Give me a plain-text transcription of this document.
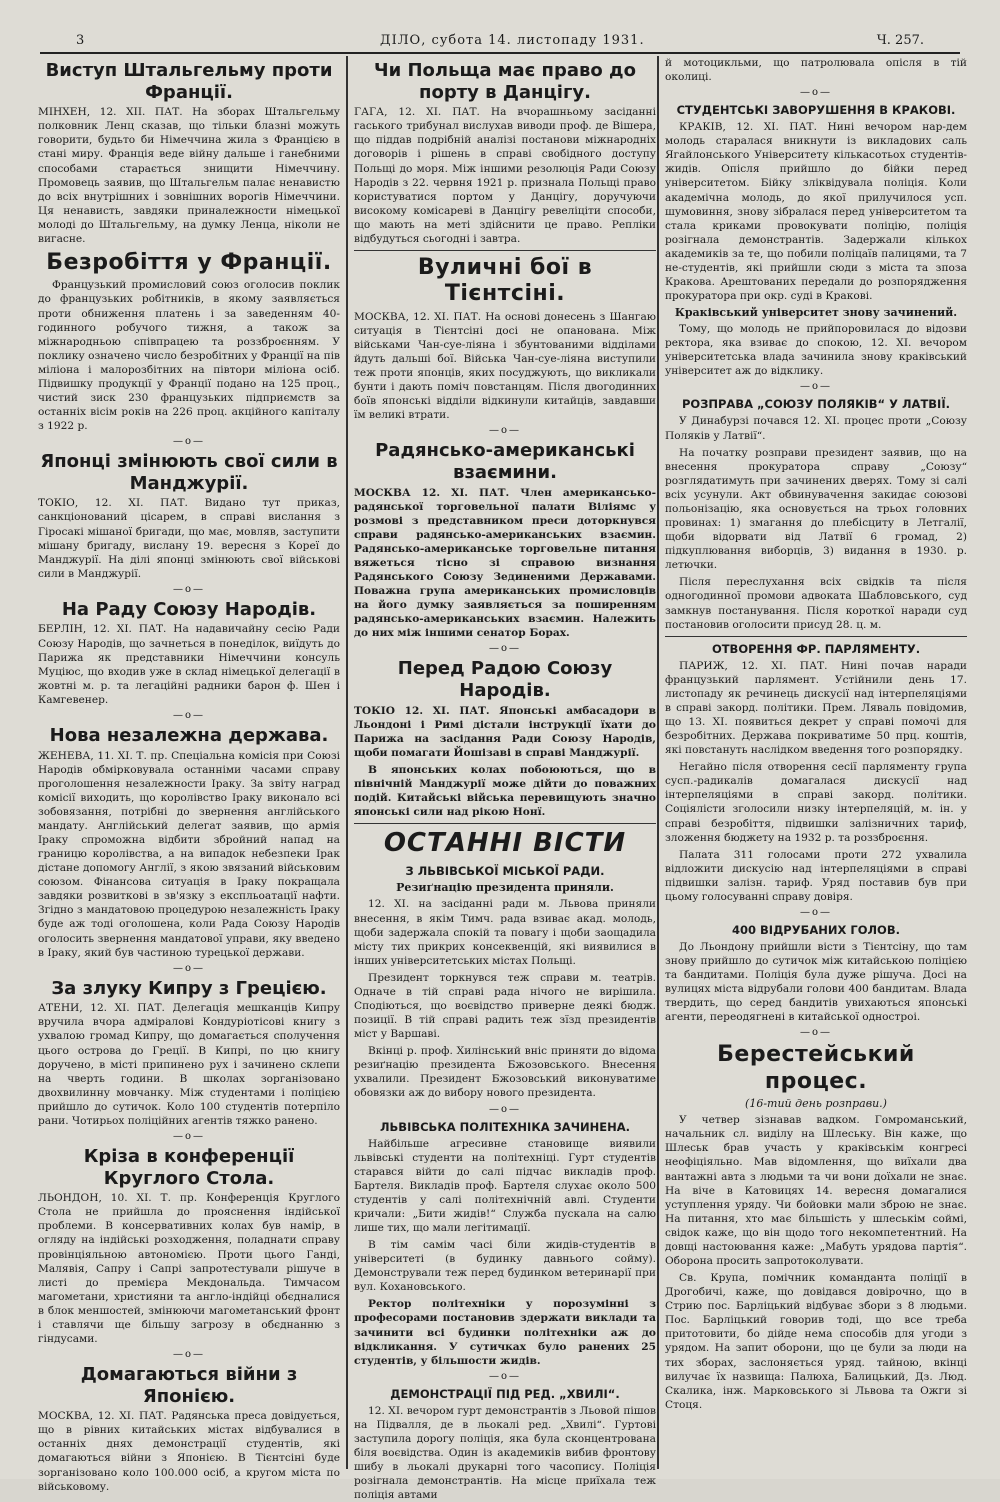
3	ДІЛО, субота 14. листопаду 1931.	Ч. 257.
Виступ Штальгельму проти Франції.

МІНХЕН, 12. XII. ПАТ. На зборах Штальгельму полковник Ленц сказав, що тільки блазні можуть говорити, будьто би Німеччина жила з Францією в стані миру. Франція веде війну дальше і ганебними способами старається знищити Німеччину. Промовець заявив, що Штальгельм палає ненавистю до всіх внутрішних і зовнішних ворогів Німеччини. Ця ненависть, завдяки приналежности німецької молоді до Штальгельму, на думку Ленца, ніколи не вигасне.

Безробіття у Франції.

Французький промисловий союз оголосив поклик до французьких робітників, в якому заявляється проти обниження платень і за заведенням 40-годинного робучого тижня, а також за міжнародньою співпрацею та роззброєнням. У поклику означено число безробітних у Франції на пів міліона і малорозбітних на півтори міліона осіб. Підвишку продукції у Франції подано на 125 проц., чистий зиск 230 французьких підприємств за останніх вісім років на 226 проц. акційного капіталу з 1922 р.

—o—
Японці змінюють свої сили в Манджурії.

ТОКІО, 12. XI. ПАТ. Видано тут приказ, санкціонований цісарем, в справі вислання з Гіросакі мішаної бригади, що має, мовляв, заступити мішану бригаду, вислану 19. вересня з Кореї до Манджурії. На ділі японці змінюють свої військові сили в Манджурії.

—o—
На Раду Союзу Народів.

БЕРЛІН, 12. XI. ПАТ. На надавичайну сесію Ради Союзу Народів, що зачнеться в понеділок, виїдуть до Парижа як представники Німеччини консуль Муціюс, що входив уже в склад німецької делегації в жовтні м. р. та легаційні радники барон ф. Шен і Камгевенер.

—o—
Нова незалежна держава.

ЖЕНЕВА, 11. XI. Т. пр. Спеціальна комісія при Союзі Народів обмірковувала останніми часами справу проголошення незалежности Іраку. За звіту наград комісії виходить, що королівство Іраку виконало всі зобовязання, потрібні до звернення англійського мандату. Англійський делегат заявив, що армія Іраку спроможна відбити збройний напад на границю королівства, а на випадок небезпеки Ірак дістане допомогу Англії, з якою звязаний військовим союзом. Фінансова ситуація в Іраку покращала завдяки розвиткові в зв'язку з експльоатації нафти. Згідно з мандатовою процедурою незалежність Іраку буде аж тоді оголошена, коли Рада Союзу Народів оголосить звернення мандатової управи, яку введено в Іраку, який був частиною турецької держави.

—o—
За злуку Кипру з Грецією.

АТЕНИ, 12. XI. ПАТ. Делегація мешканців Кипру вручила вчора адміралові Кондуріотісові книгу з ухвалою громад Кипру, що домагається сполучення цього острова до Греції. В Кипрі, по цю книгу доручено, в місті припинено рух і зачинено склепи на чверть години. В школах зорганізовано двохвилинну мовчанку. Між студентами і поліцією прийшло до сутичок. Коло 100 студентів потерпіло рани. Чотирьох поліційних агентів тяжко ранено.

—o—
Кріза в конференції Круглого Стола.

ЛЬОНДОН, 10. XI. Т. пр. Конференція Круглого Стола не прийшла до прояснення індійської проблеми. В консервативних колах був намір, в огляду на індійські розходження, поладнати справу провінціяльною автономією. Проти цього Ганді, Малявія, Сапру і Сапрі запротестували рішуче в листі до премієра Мекдональда. Тимчасом магометани, християни та англо-індійці обєдналися в блок меншостей, змінюючи магометанський фронт і ставлячи ще більшу загрозу в обєднанню з гіндусами.

—o—
Домагаються війни з Японією.

МОСКВА, 12. XI. ПАТ. Радянська преса довідується, що в рівних китайських містах відбувалися в останніх днях демонстрації студентів, які домагаються війни з Японією. В Тієнтсіні буде зорганізовано коло 100.000 осіб, а кругом міста по військовому.

Чи Польща має право до порту в Данцігу.

ГАГА, 12. XI. ПАТ. На вчорашньому засіданні гаського трибунал вислухав виводи проф. де Вішера, що піддав подрібній аналізі постанови міжнародніх договорів і рішень в справі свобідного доступу Польщі до моря. Між іншими резолюція Ради Союзу Народів з 22. червня 1921 р. признала Польщі право користуватися портом у Данцігу, доручуючи високому комісареві в Данцігу ревеліціти способи, що мають на меті здійснити це право. Репліки відбудуться сьогодні і завтра.

Вуличні бої в Тієнтсіні.

МОСКВА, 12. XI. ПАТ. На основі донесень з Шангаю ситуація в Тієнтсіні досі не опанована. Між військами Чан-суе-ліяна і збунтованими відділами йдуть дальші бої. Війська Чан-суе-ліяна виступили теж проти японців, яких посуджують, що викликали бунти і дають поміч повстанцям. Після двогодинних боїв японські відділи відкинули китайців, завдавши їм великі втрати.

—o—
Радянсько-американські взаємини.

МОСКВА 12. XI. ПАТ. Член американсько-радянської торговельної палати Віліямс у розмові з представником преси доторкнувся справи радянсько-американських взаємин. Радянсько-американське торговельне питання вяжеться тісно зі справою визнання Радянського Союзу Зединеними Державами. Поважна група американських промисловців на його думку заявляється за поширенням радянсько-американських взаємин. Належить до них між іншими сенатор Борах.

—o—
Перед Радою Союзу Народів.

ТОКІО 12. XI. ПАТ. Японські амбасадори в Льондоні і Римі дістали інструкції їхати до Парижа на засідання Ради Союзу Народів, щоби помагати Йошізаві в справі Манджурії.

В японських колах побоюються, що в північній Манджурії може дійти до поважних подій. Китайські війська перевищують значно японські сили над рікою Нонї.

ОСТАННІ ВІСТИ
З ЛЬВІВСЬКОЇ МІСЬКОЇ РАДИ.
Резиґнацію президента приняли.

12. XI. на засіданні ради м. Львова приняли внесення, в якім Тимч. рада взиває акад. молодь, щоби задержала спокій та повагу і щоби заощадила місту тих прикрих консеквенцій, які виявилися в інших університетських містах Польщі.

Президент торкнувся теж справи м. театрів. Одначе в тій справі рада нічого не вирішила. Сподіються, що воєвідство приверне деякі бюдж. позиції. В тій справі радить теж зїзд президентів міст у Варшаві.

Вкінці р. проф. Хилінський вніс приняти до відома резиґнацію президента Бжозовського. Внесення ухвалили. Президент Бжозовський виконуватиме обовязки аж до вибору нового президента.

—o—
ЛЬВІВСЬКА ПОЛІТЕХНІКА ЗАЧИНЕНА.

Найбільше агресивне становище виявили львівські студенти на політехніці. Гурт студентів старався війти до салі підчас викладів проф. Бартеля. Викладів проф. Бартеля слухає около 500 студентів у салі політехнічній авлі. Студенти кричали: „Бити жидів!“ Служба пускала на салю лише тих, що мали легітимації.

В тім самім часі біли жидів-студентів в університеті (в будинку давнього сойму). Демонстрували теж перед будинком ветеринарії при вул. Кохановського.

Ректор політехніки у порозумінні з професорами постановив здержати виклади та зачинити всі будинки політехніки аж до відкликання. У сутичках було ранених 25 студентів, у більшости жидів.

—o—
ДЕМОНСТРАЦІЇ ПІД РЕД. „ХВИЛІ“.

12. XI. вечором гурт демонстрантів з Льовой пішов на Підвалля, де в льокалі ред. „Хвилі“. Гуртові заступила дорогу поліція, яка була сконцентрована біля воєвідства. Один із академиків вибив фронтову шибу в льокалі друкарні того часопису. Поліція розігнала демонстрантів. На місце приїхала теж поліція автами

й мотоцикльми, що патролювала опісля в тій околиці.

—o—
СТУДЕНТСЬКІ ЗАВОРУШЕННЯ В КРАКОВІ.

КРАКІВ, 12. XI. ПАТ. Нині вечором нар-дем молодь старалася вникнути із викладових саль Ягайлонського Університету кількасотьох студентів-жидів. Опісля прийшло до бійки перед університетом. Бійку зліквідувала поліція. Коли академічна молодь, до якої прилучилося усп. шумовиння, знову зібралася перед університетом та стала криками провокувати поліцію, поліція розігнала демонстрантів. Задержали кількох академиків за те, що побили поліцаїв палицями, та 7 не-студентів, які прийшли сюди з міста та зпоза Кракова. Арештованих передали до розпорядження прокуратора при окр. суді в Кракові.

Краківський університет знову зачинений.

Тому, що молодь не прийпоровилася до відозви ректора, яка взиває до спокою, 12. XI. вечором університетська влада зачинила знову краківський університет аж до відклику.

—o—
РОЗПРАВА „СОЮЗУ ПОЛЯКІВ“ У ЛАТВІЇ.

У Динабурзі почався 12. XI. процес проти „Союзу Поляків у Латвії“.

На початку розправи президент заявив, що на внесення прокуратора справу „Союзу“ розглядатимуть при зачинених дверях. Тому зі салі всіх усунули. Акт обвинувачення закидає союзові польонізацію, яка основується на трьох головних провинах: 1) змагання до плебісциту в Летгалії, щоби відорвати від Латвії 6 громад, 2) підкуплювання виборців, 3) видання в 1930. р. летючки.

Після переслухання всіх свідків та після одногодинної промови адвоката Шабловського, суд замкнув постанування. Після короткої наради суд постановив оголосити присуд 28. ц. м.

ОТВОРЕННЯ ФР. ПАРЛЯМЕНТУ.

ПАРИЖ, 12. XI. ПАТ. Нині почав наради французький парлямент. Устійнили день 17. листопаду як речинець дискусії над інтерпеляціями в справі закорд. політики. Прем. Ляваль повідомив, що 13. XI. появиться декрет у справі помочі для безробітних. Держава покриватиме 50 прц. коштів, які повстануть наслідком введення того розпорядку.

Негайно після отворення сесії парляменту група сусп.-радикалів домагалася дискусії над інтерпеляціями в справі закорд. політики. Соціялісти зголосили низку інтерпеляцій, м. ін. у справі безробіття, підвишки залізничних тариф, зложення бюджету на 1932 р. та роззброєння.

Палата 311 голосами проти 272 ухвалила відложити дискусію над інтерпеляціями в справі підвишки залізн. тариф. Уряд поставив був при цьому голосуванні справу довіря.

—o—
400 ВІДРУБАНИХ ГОЛОВ.

До Льондону прийшли вісти з Тієнтсіну, що там знову прийшло до сутичок між китайською поліцією та бандитами. Поліція була дуже рішуча. Досі на вулицях міста відрубали голови 400 бандитам. Влада твердить, що серед бандитів увихаються японські агенти, переодягнені в китайської одностроі.

—o—
Берестейський процес.
(16-тий день розправи.)

У четвер зізнавав вадком. Гомроманський, начальник сл. виділу на Шлеську. Він каже, що Шлеськ брав участь у краківськім конгресі неофіціяльно. Мав відомлення, що виїхали два вантажні авта з людьми та чи вони доїхали не знає. На віче в Катовицях 14. вересня домагалися уступлення уряду. Чи бойовки мали зброю не знає. На питання, хто має більшість у шлеськім соймі, свідок каже, що він щодо того некомпетентний. На довщі настоювання каже: „Мабуть урядова партія“. Оборона просить запротоколувати.

Св. Крупа, помічник команданта поліції в Дрогобичі, каже, що довідався довірочно, що в Стрию пос. Барліцький відбуває збори з 8 людьми. Пос. Барліцький говорив тоді, що все треба притотовити, бо дійде нема способів для угоди з урядом. На запит оборони, що це були за люди на тих зборах, заслоняється уряд. тайною, вкінці вилучає їх назвища: Палюха, Балицький, Дз. Люд. Скалика, інж. Марковського зі Львова та Ожги зі Стоця.
